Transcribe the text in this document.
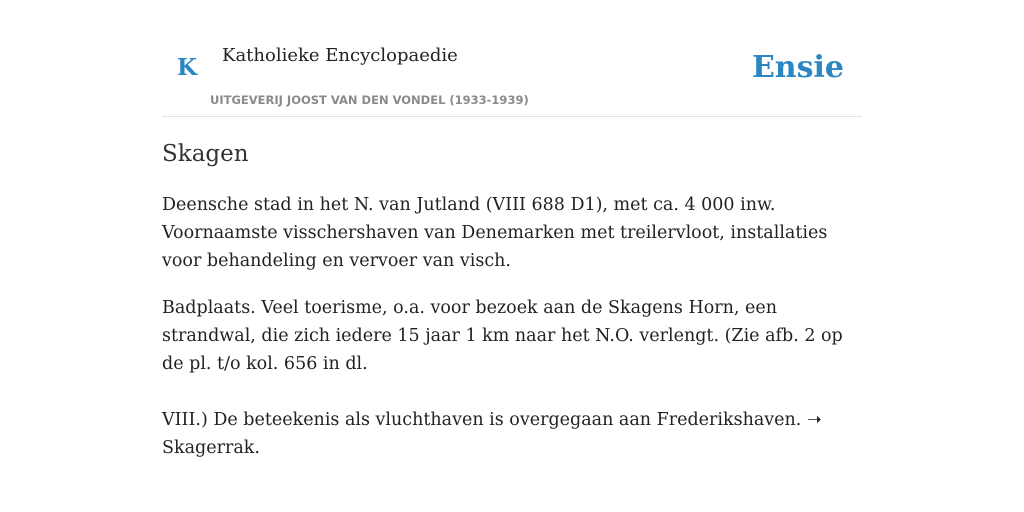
K Katholieke Encyclopaedie
UITGEVERIJ JOOST VAN DEN VONDEL (1933-1939)
Ensie
Skagen

Deensche stad in het N. van Jutland (VIII 688 D1), met ca. 4 000 inw. Voornaamste visschershaven van Denemarken met treilervloot, installaties voor behandeling en vervoer van visch.

Badplaats. Veel toerisme, o.a. voor bezoek aan de Skagens Horn, een strandwal, die zich iedere 15 jaar 1 km naar het N.O. verlengt. (Zie afb. 2 op de pl. t/o kol. 656 in dl.

VIII.) De beteekenis als vluchthaven is overgegaan aan Frederikshaven. ➝ Skagerrak.
